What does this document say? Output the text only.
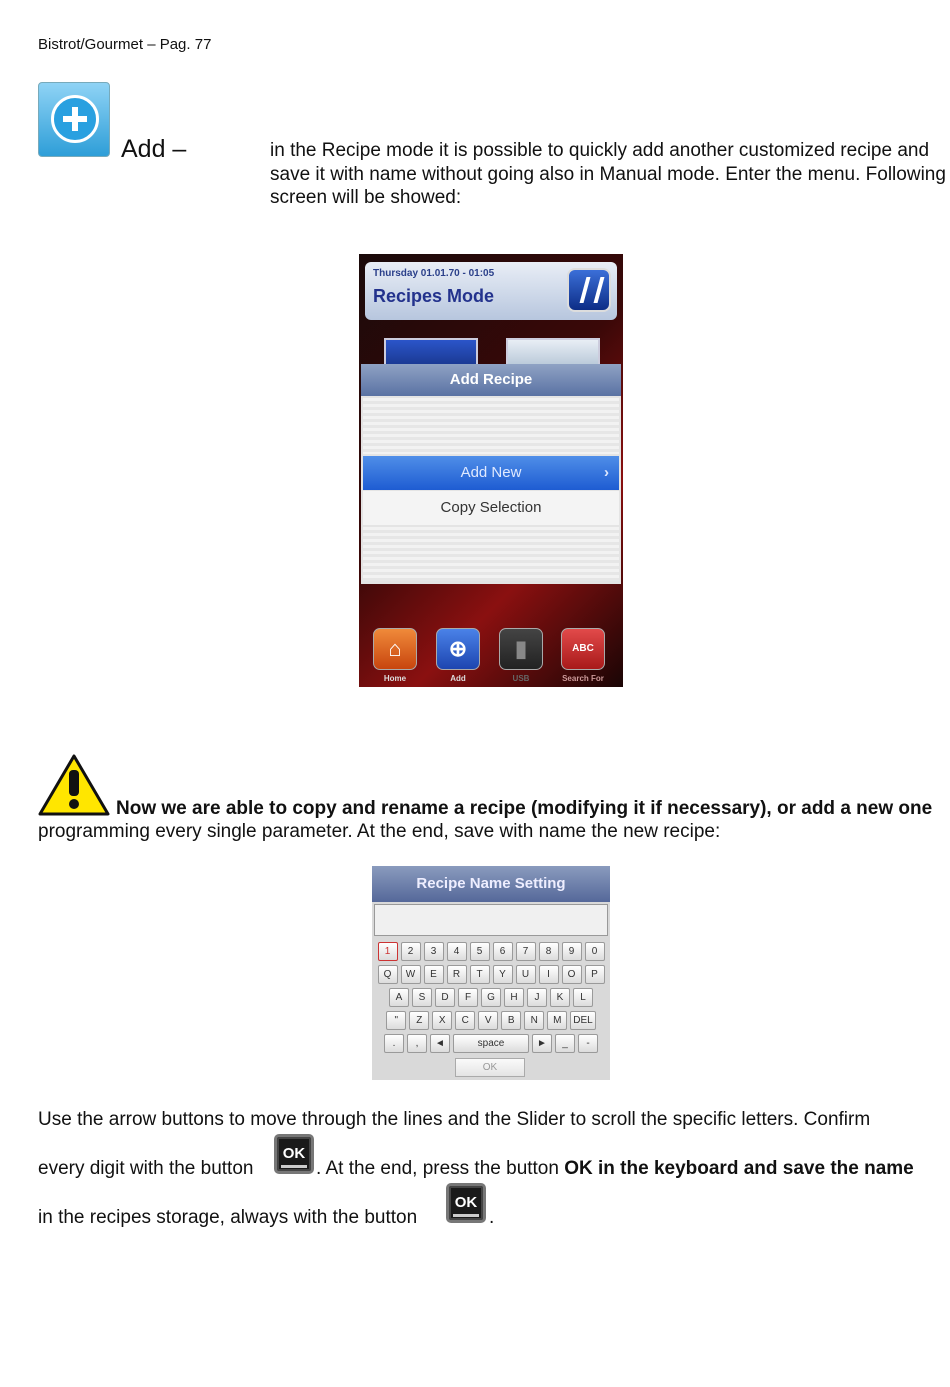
Bistrot/Gourmet – Pag. 77
Add –	in the Recipe mode it is possible to quickly add another customized recipe and save it with name without going also in Manual mode. Enter the menu. Following screen will be showed:
Thursday 01.01.70 - 01:05
Recipes Mode
Add Recipe
Add New	›
Copy Selection
⌂
Home
⊕
Add
▮
USB
ABC
Search For
Now we are able to copy and rename a recipe (modifying it if necessary), or add a new one
programming every single parameter. At the end, save with name the new recipe:
Recipe Name Setting
1	2	3	4	5	6	7	8	9	0
Q	W	E	R	T	Y	U	I	O	P
A	S	D	F	G	H	J	K	L
"	Z	X	C	V	B	N	M	DEL
.	,	◄	space	►	_	-
OK
Use the arrow buttons to move through the lines and the Slider to scroll the specific letters. Confirm
every digit with the button
OK
. At the end, press the button OK in the keyboard and save the name
in the recipes storage, always with the button
OK
.
